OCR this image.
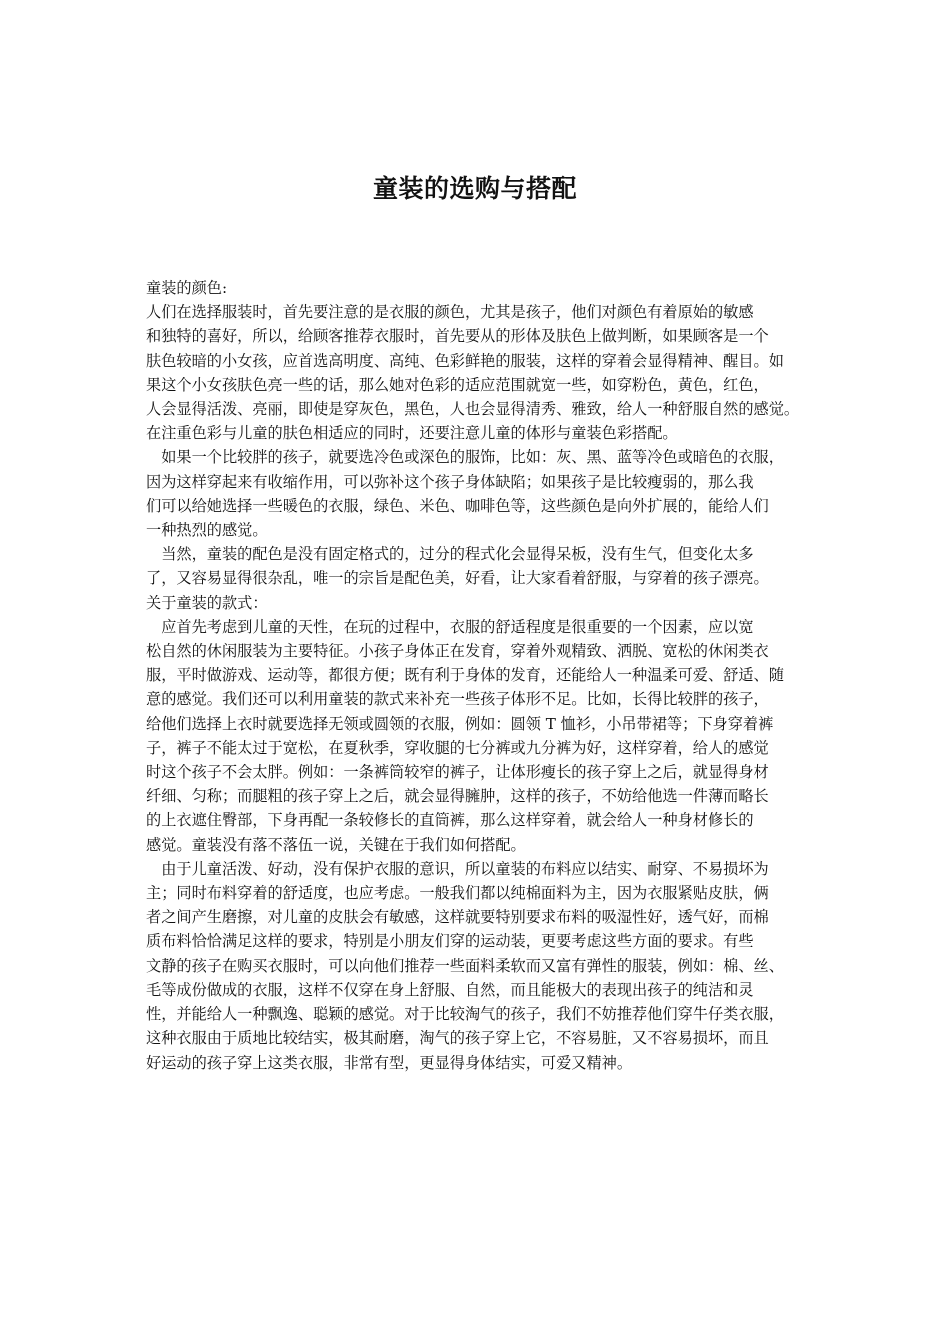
童装的选购与搭配
童装的颜色:
人们在选择服装时，首先要注意的是衣服的颜色，尤其是孩子，他们对颜色有着原始的敏感
和独特的喜好，所以，给顾客推荐衣服时，首先要从的形体及肤色上做判断，如果顾客是一个
肤色较暗的小女孩，应首选高明度、高纯、色彩鲜艳的服装，这样的穿着会显得精神、醒目。如
果这个小女孩肤色亮一些的话，那么她对色彩的适应范围就宽一些，如穿粉色，黄色，红色，
人会显得活泼、亮丽，即使是穿灰色，黑色，人也会显得清秀、雅致，给人一种舒服自然的感觉。
在注重色彩与儿童的肤色相适应的同时，还要注意儿童的体形与童装色彩搭配。
　如果一个比较胖的孩子，就要选冷色或深色的服饰，比如：灰、黑、蓝等冷色或暗色的衣服，
因为这样穿起来有收缩作用，可以弥补这个孩子身体缺陷；如果孩子是比较瘦弱的，那么我
们可以给她选择一些暖色的衣服，绿色、米色、咖啡色等，这些颜色是向外扩展的，能给人们
一种热烈的感觉。
　当然，童装的配色是没有固定格式的，过分的程式化会显得呆板，没有生气，但变化太多
了，又容易显得很杂乱，唯一的宗旨是配色美，好看，让大家看着舒服，与穿着的孩子漂亮。
关于童装的款式：
　应首先考虑到儿童的天性，在玩的过程中，衣服的舒适程度是很重要的一个因素，应以宽
松自然的休闲服装为主要特征。小孩子身体正在发育，穿着外观精致、洒脱、宽松的休闲类衣
服，平时做游戏、运动等，都很方便；既有利于身体的发育，还能给人一种温柔可爱、舒适、随
意的感觉。我们还可以利用童装的款式来补充一些孩子体形不足。比如，长得比较胖的孩子，
给他们选择上衣时就要选择无领或圆领的衣服，例如：圆领 T 恤衫，小吊带裙等；下身穿着裤
子，裤子不能太过于宽松，在夏秋季，穿收腿的七分裤或九分裤为好，这样穿着，给人的感觉
时这个孩子不会太胖。例如：一条裤筒较窄的裤子，让体形瘦长的孩子穿上之后，就显得身材
纤细、匀称；而腿粗的孩子穿上之后，就会显得臃肿，这样的孩子，不妨给他选一件薄而略长
的上衣遮住臀部，下身再配一条较修长的直筒裤，那么这样穿着，就会给人一种身材修长的
感觉。童装没有落不落伍一说，关键在于我们如何搭配。
　由于儿童活泼、好动，没有保护衣服的意识，所以童装的布料应以结实、耐穿、不易损坏为
主；同时布料穿着的舒适度，也应考虑。一般我们都以纯棉面料为主，因为衣服紧贴皮肤，俩
者之间产生磨擦，对儿童的皮肤会有敏感，这样就要特别要求布料的吸湿性好，透气好，而棉
质布料恰恰满足这样的要求，特别是小朋友们穿的运动装，更要考虑这些方面的要求。有些
文静的孩子在购买衣服时，可以向他们推荐一些面料柔软而又富有弹性的服装，例如：棉、丝、
毛等成份做成的衣服，这样不仅穿在身上舒服、自然，而且能极大的表现出孩子的纯洁和灵
性，并能给人一种飘逸、聪颖的感觉。对于比较淘气的孩子，我们不妨推荐他们穿牛仔类衣服，
这种衣服由于质地比较结实，极其耐磨，淘气的孩子穿上它，不容易脏，又不容易损坏，而且
好运动的孩子穿上这类衣服，非常有型，更显得身体结实，可爱又精神。
